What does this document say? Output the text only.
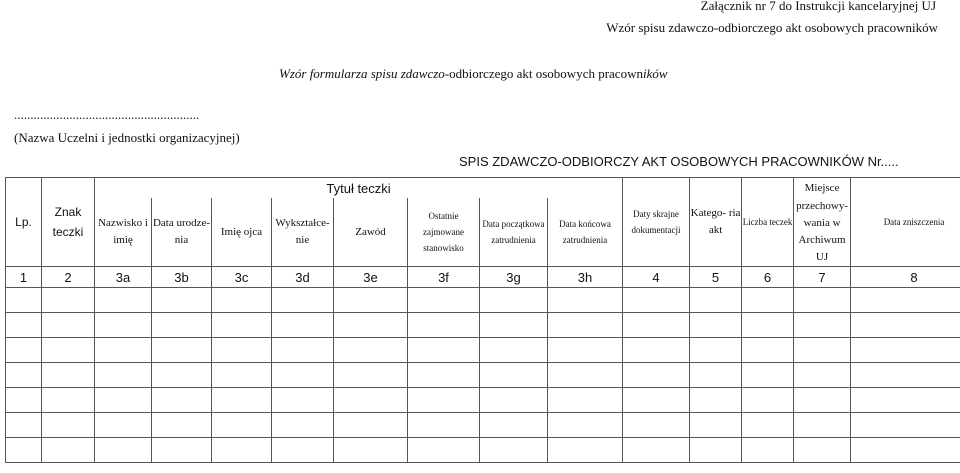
Załącznik nr 7 do Instrukcji kancelaryjnej UJ
Wzór spisu zdawczo-odbiorczego akt osobowych pracowników
Wzór formularza spisu zdawczo-odbiorczego akt osobowych pracowników
.........................................................
(Nazwa Uczelni i jednostki organizacyjnej)
SPIS ZDAWCZO-ODBIORCZY AKT OSOBOWYCH PRACOWNIKÓW Nr.....
Lp.	Znak teczki	Tytuł teczki								Daty skrajne dokumentacji	Katego- ria akt	Liczba teczek	Miejsce	Data zniszczenia
		Nazwisko i imię	Data urodze- nia	Imię ojca	Wykształce- nie	Zawód	Ostatnie zajmowane stanowisko	Data początkowa zatrudnienia	Data końcowa zatrudnienia				przechowy- wania w Archiwum UJ	
1	2	3a	3b	3c	3d	3e	3f	3g	3h	4	5	6	7	8
